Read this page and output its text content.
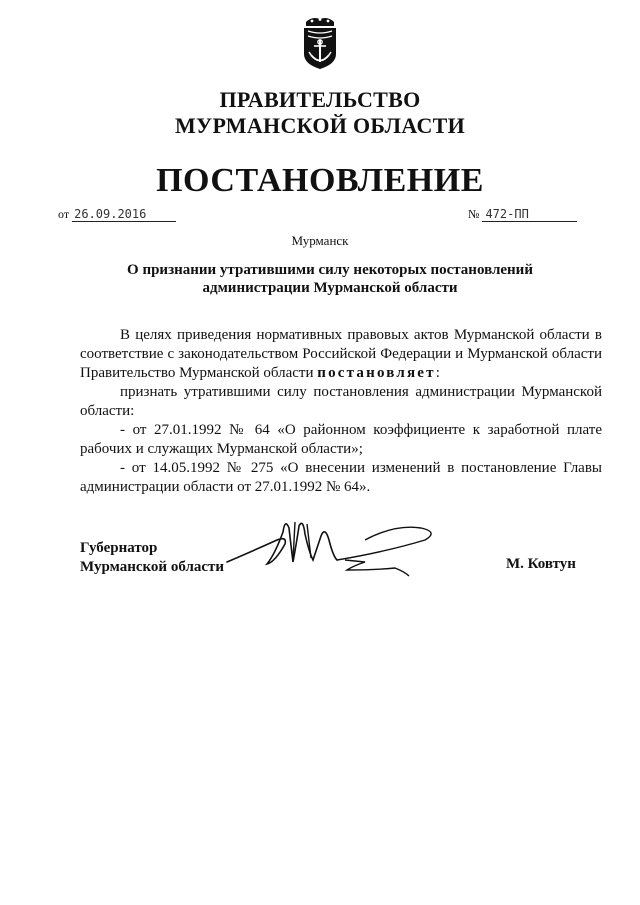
ПРАВИТЕЛЬСТВО
МУРМАНСКОЙ ОБЛАСТИ
ПОСТАНОВЛЕНИЕ
от 26.09.2016	№ 472-ПП
Мурманск
О признании утратившими силу некоторых постановлений
администрации Мурманской области

В целях приведения нормативных правовых актов Мурманской области в соответствие с законодательством Российской Федерации и Мурманской области Правительство Мурманской области постановляет:

признать утратившими силу постановления администрации Мурманской области:

- от 27.01.1992 № 64 «О районном коэффициенте к заработной плате рабочих и служащих Мурманской области»;

- от 14.05.1992 № 275 «О внесении изменений в постановление Главы администрации области от 27.01.1992 № 64».

Губернатор
Мурманской области	М. Ковтун
